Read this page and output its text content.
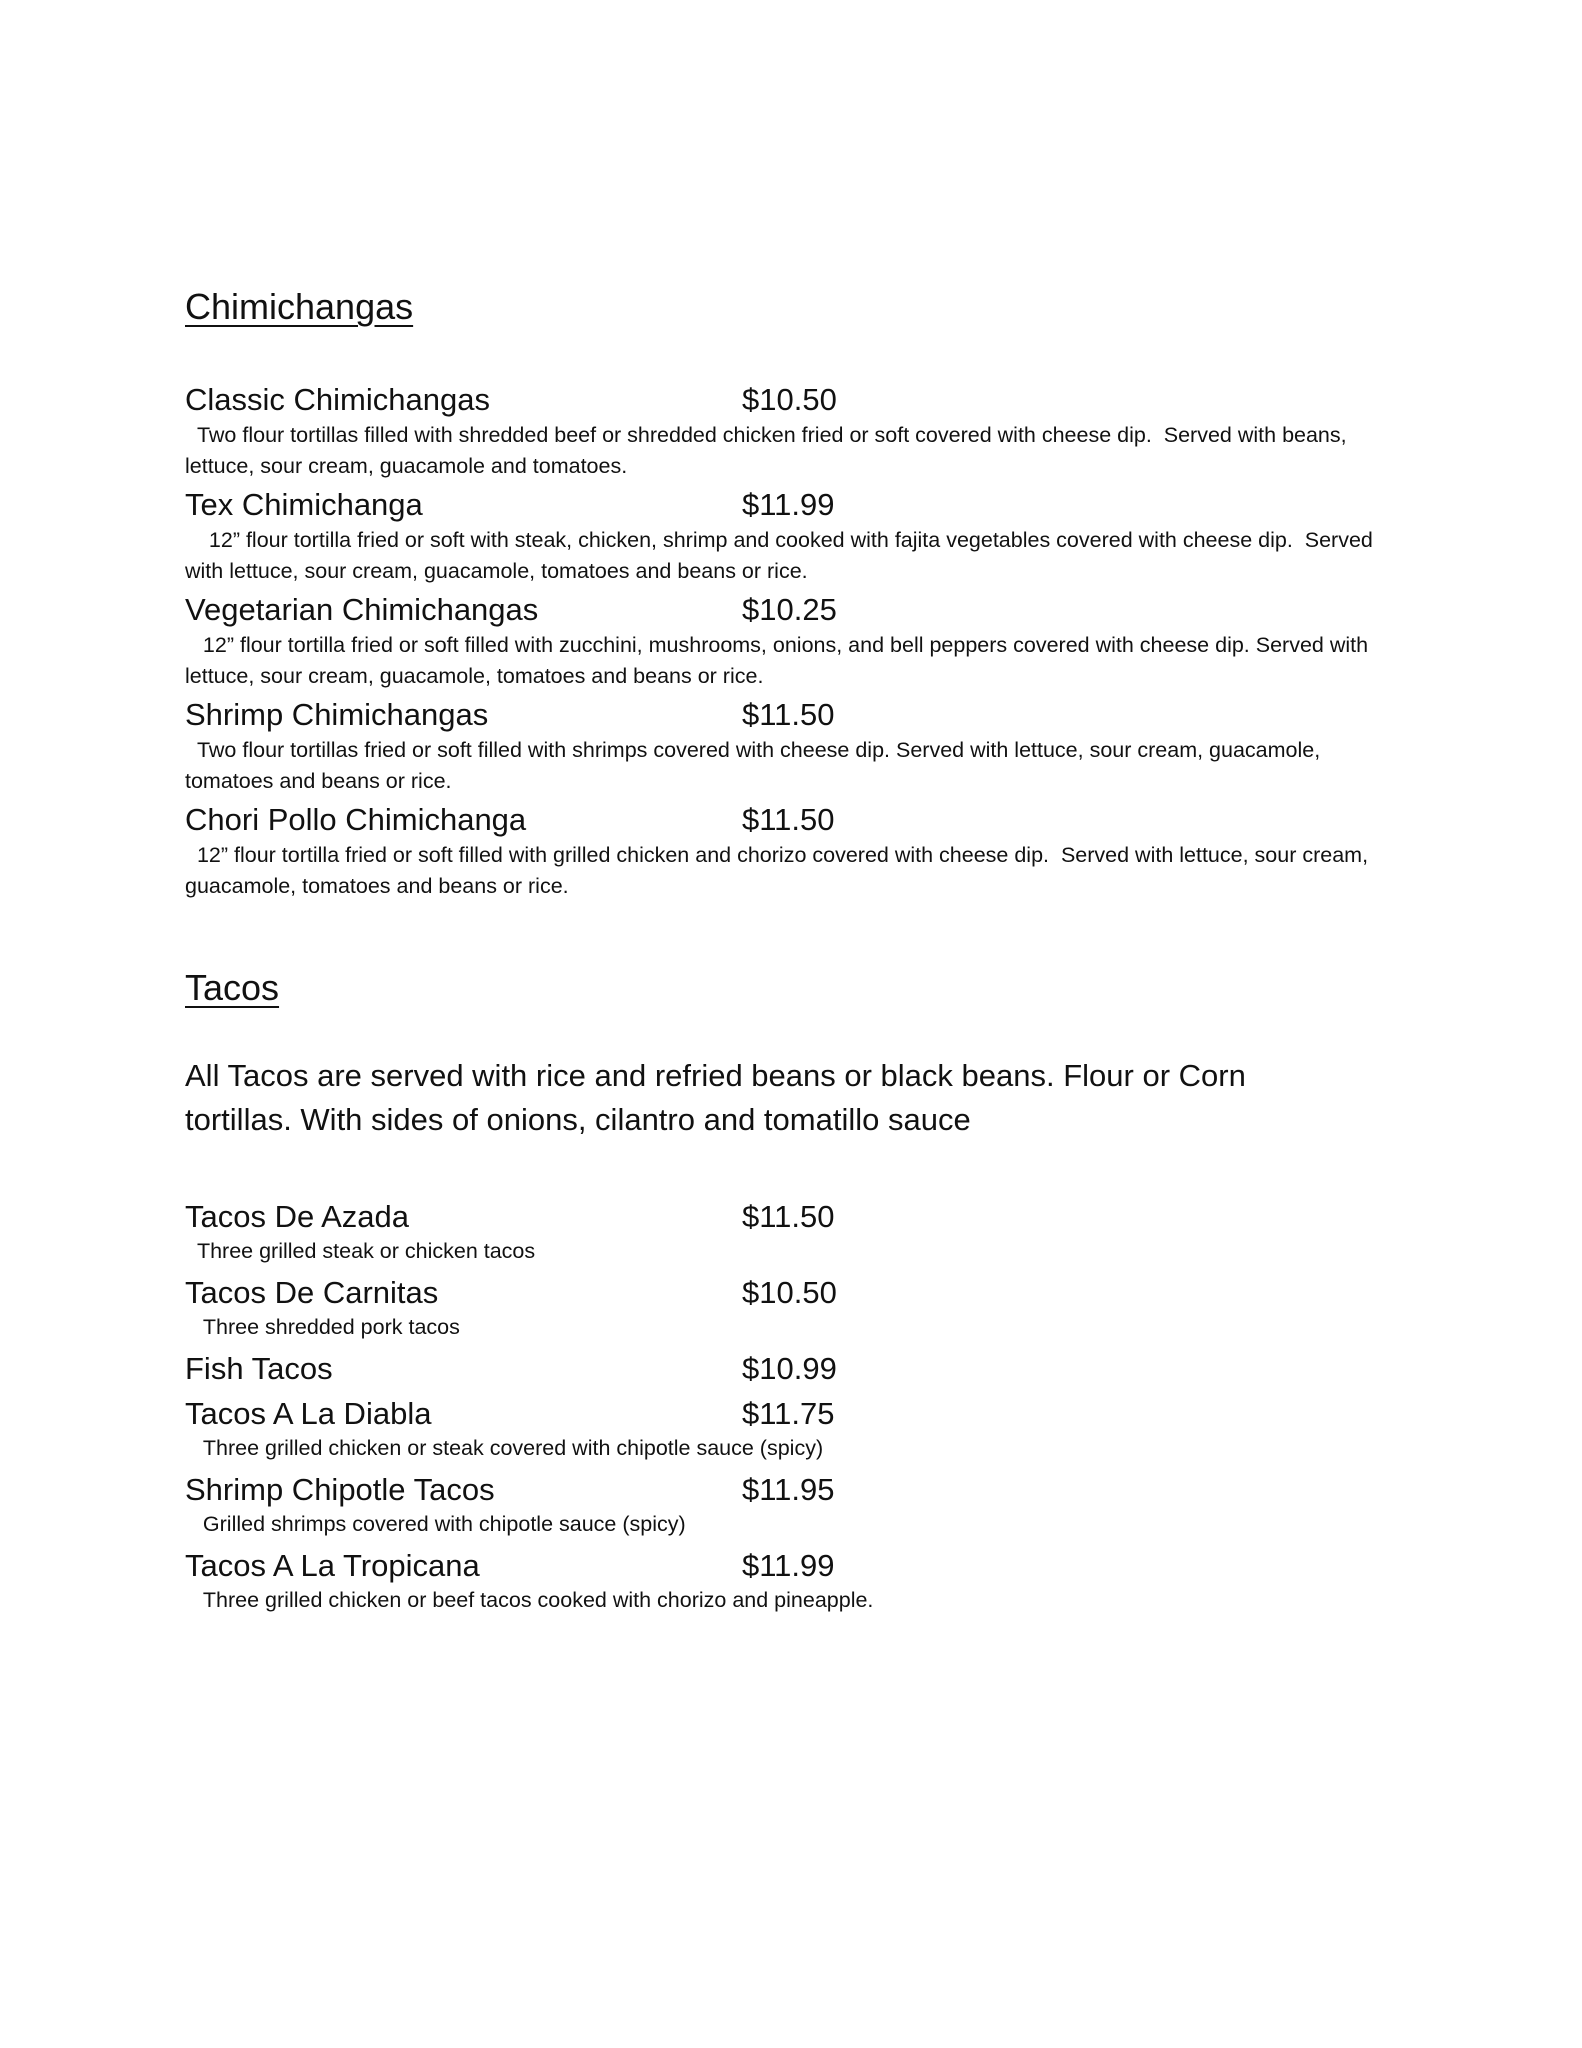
Chimichangas
Classic Chimichangas	$10.50
Two flour tortillas filled with shredded beef or shredded chicken fried or soft covered with cheese dip.  Served with beans, lettuce, sour cream, guacamole and tomatoes.
Tex Chimichanga	$11.99
12” flour tortilla fried or soft with steak, chicken, shrimp and cooked with fajita vegetables covered with cheese dip.  Served with lettuce, sour cream, guacamole, tomatoes and beans or rice.
Vegetarian Chimichangas	$10.25
12” flour tortilla fried or soft filled with zucchini, mushrooms, onions, and bell peppers covered with cheese dip. Served with lettuce, sour cream, guacamole, tomatoes and beans or rice.
Shrimp Chimichangas	$11.50
Two flour tortillas fried or soft filled with shrimps covered with cheese dip. Served with lettuce, sour cream, guacamole, tomatoes and beans or rice.
Chori Pollo Chimichanga	$11.50
12” flour tortilla fried or soft filled with grilled chicken and chorizo covered with cheese dip.  Served with lettuce, sour cream, guacamole, tomatoes and beans or rice.
Tacos

All Tacos are served with rice and refried beans or black beans. Flour or Corn tortillas. With sides of onions, cilantro and tomatillo sauce

Tacos De Azada	$11.50
Three grilled steak or chicken tacos
Tacos De Carnitas	$10.50
Three shredded pork tacos
Fish Tacos	$10.99
Tacos A La Diabla	$11.75
Three grilled chicken or steak covered with chipotle sauce (spicy)
Shrimp Chipotle Tacos	$11.95
Grilled shrimps covered with chipotle sauce (spicy)
Tacos A La Tropicana	$11.99
Three grilled chicken or beef tacos cooked with chorizo and pineapple.
